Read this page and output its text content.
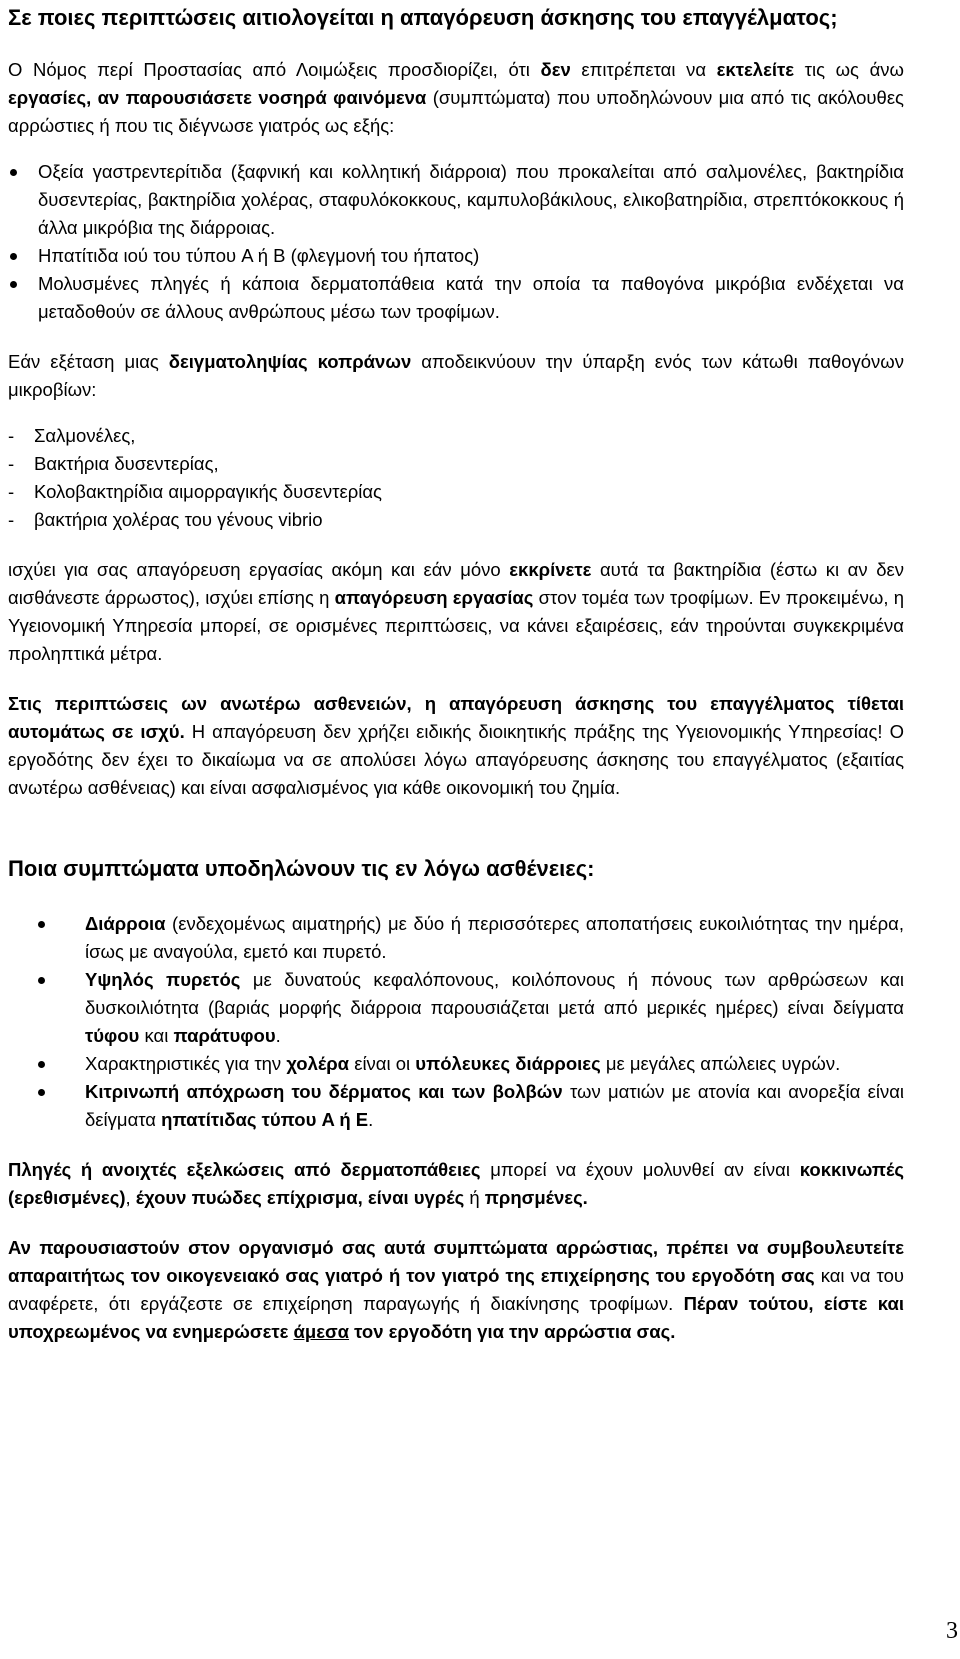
Σε ποιες περιπτώσεις αιτιολογείται η απαγόρευση άσκησης του επαγγέλματος;

Ο Νόμος περί Προστασίας από Λοιμώξεις προσδιορίζει, ότι δεν επιτρέπεται να εκτελείτε τις ως άνω εργασίες, αν παρουσιάσετε νοσηρά φαινόμενα (συμπτώματα) που υποδηλώνουν μια από τις ακόλουθες αρρώστιες ή που τις διέγνωσε γιατρός ως εξής:

Οξεία γαστρεντερίτιδα (ξαφνική και κολλητική διάρροια) που προκαλείται από σαλμονέλες, βακτηρίδια δυσεντερίας, βακτηρίδια χολέρας, σταφυλόκοκκους, καμπυλοβάκιλους, ελικοβατηρίδια, στρεπτόκοκκους ή άλλα μικρόβια της διάρροιας.
Ηπατίτιδα ιού του τύπου A ή B (φλεγμονή του ήπατος)
Μολυσμένες πληγές ή κάποια δερματοπάθεια κατά την οποία τα παθογόνα μικρόβια ενδέχεται να μεταδοθούν σε άλλους ανθρώπους μέσω των τροφίμων.

Εάν εξέταση μιας δειγματοληψίας κοπράνων αποδεικνύουν την ύπαρξη ενός των κάτωθι παθογόνων μικροβίων:

- Σαλμονέλες,
- Βακτήρια δυσεντερίας,
- Κολοβακτηρίδια αιμορραγικής δυσεντερίας
- βακτήρια χολέρας του γένους vibrio

ισχύει για σας απαγόρευση εργασίας ακόμη και εάν μόνο εκκρίνετε αυτά τα βακτηρίδια (έστω κι αν δεν αισθάνεστε άρρωστος), ισχύει επίσης η απαγόρευση εργασίας στον τομέα των τροφίμων. Εν προκειμένω, η Υγειονομική Υπηρεσία μπορεί, σε ορισμένες περιπτώσεις, να κάνει εξαιρέσεις, εάν τηρούνται συγκεκριμένα προληπτικά μέτρα.

Στις περιπτώσεις ων ανωτέρω ασθενειών, η απαγόρευση άσκησης του επαγγέλματος τίθεται αυτομάτως σε ισχύ. Η απαγόρευση δεν χρήζει ειδικής διοικητικής πράξης της Υγειονομικής Υπηρεσίας! Ο εργοδότης δεν έχει το δικαίωμα να σε απολύσει λόγω απαγόρευσης άσκησης του επαγγέλματος (εξαιτίας ανωτέρω ασθένειας) και είναι ασφαλισμένος για κάθε οικονομική του ζημία.

Ποια συμπτώματα υποδηλώνουν τις εν λόγω ασθένειες:
Διάρροια (ενδεχομένως αιματηρής) με δύο ή περισσότερες αποπατήσεις ευκοιλιότητας την ημέρα, ίσως με αναγούλα, εμετό και πυρετό.
Υψηλός πυρετός με δυνατούς κεφαλόπονους, κοιλόπονους ή πόνους των αρθρώσεων και δυσκοιλιότητα (βαριάς μορφής διάρροια παρουσιάζεται μετά από μερικές ημέρες) είναι δείγματα τύφου και παράτυφου.
Χαρακτηριστικές για την χολέρα είναι οι υπόλευκες διάρροιες με μεγάλες απώλειες υγρών.
Κιτρινωπή απόχρωση του δέρματος και των βολβών των ματιών με ατονία και ανορεξία είναι δείγματα ηπατίτιδας τύπου A ή E.

Πληγές ή ανοιχτές εξελκώσεις από δερματοπάθειες μπορεί να έχουν μολυνθεί αν είναι κοκκινωπές (ερεθισμένες), έχουν πυώδες επίχρισμα, είναι υγρές ή πρησμένες.

Αν παρουσιαστούν στον οργανισμό σας αυτά συμπτώματα αρρώστιας, πρέπει να συμβουλευτείτε απαραιτήτως τον οικογενειακό σας γιατρό ή τον γιατρό της επιχείρησης του εργοδότη σας και να του αναφέρετε, ότι εργάζεστε σε επιχείρηση παραγωγής ή διακίνησης τροφίμων. Πέραν τούτου, είστε και υποχρεωμένος να ενημερώσετε άμεσα τον εργοδότη για την αρρώστια σας.

3
